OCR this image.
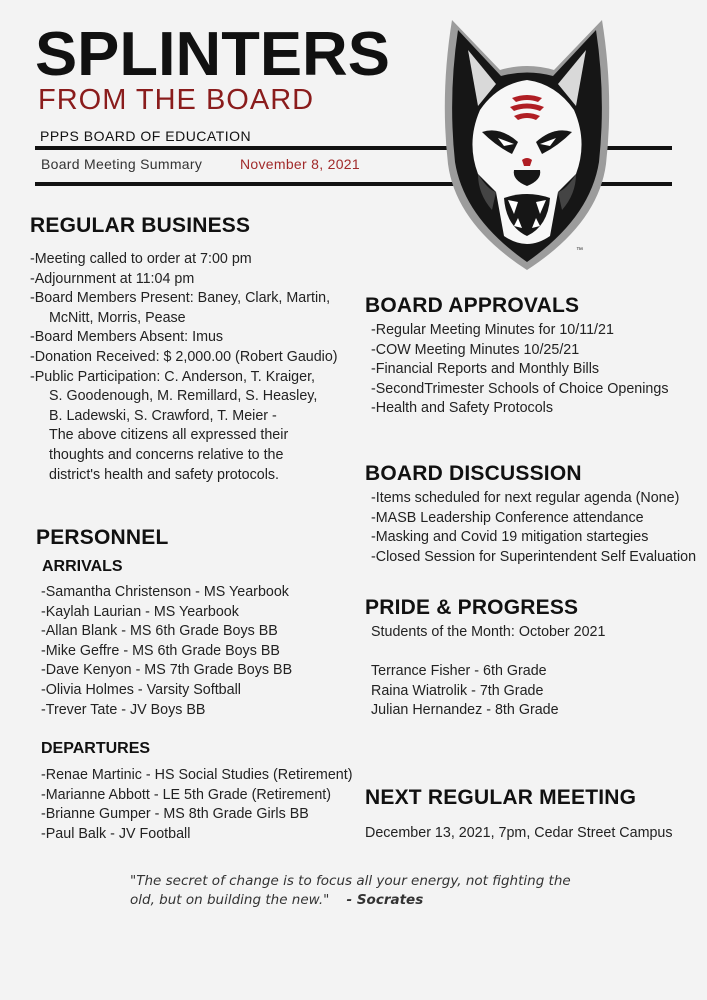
SPLINTERS
FROM THE BOARD
PPPS BOARD OF EDUCATION
Board Meeting Summary	November 8, 2021
™
REGULAR BUSINESS
-Meeting called to order at 7:00 pm
-Adjournment at 11:04 pm
-Board Members Present: Baney, Clark, Martin,
McNitt, Morris, Pease
-Board Members Absent: Imus
-Donation Received: $ 2,000.00 (Robert Gaudio)
-Public Participation: C. Anderson, T. Kraiger,
S. Goodenough, M. Remillard, S. Heasley,
B. Ladewski, S. Crawford, T. Meier -
The above citizens all expressed their
thoughts and concerns relative to the
district's health and safety protocols.
PERSONNEL
ARRIVALS
-Samantha Christenson - MS Yearbook
-Kaylah Laurian - MS Yearbook
-Allan Blank - MS 6th Grade Boys BB
-Mike Geffre - MS 6th Grade Boys BB
-Dave Kenyon - MS 7th Grade Boys BB
-Olivia Holmes - Varsity Softball
-Trever Tate - JV Boys BB
DEPARTURES
-Renae Martinic - HS Social Studies (Retirement)
-Marianne Abbott - LE 5th Grade (Retirement)
-Brianne Gumper - MS 8th Grade Girls BB
-Paul Balk - JV Football
BOARD APPROVALS
-Regular Meeting Minutes for 10/11/21
-COW Meeting Minutes 10/25/21
-Financial Reports and Monthly Bills
-SecondTrimester Schools of Choice Openings
-Health and Safety Protocols
BOARD DISCUSSION
-Items scheduled for next regular agenda (None)
-MASB Leadership Conference attendance
-Masking and Covid 19 mitigation startegies
-Closed Session for Superintendent Self Evaluation
PRIDE & PROGRESS
Students of the Month: October 2021
Terrance Fisher - 6th Grade
Raina Wiatrolik - 7th Grade
Julian Hernandez - 8th Grade
NEXT REGULAR MEETING
December 13, 2021, 7pm, Cedar Street Campus
"The secret of change is to focus all your energy, not fighting the
old, but on building the new." - Socrates
